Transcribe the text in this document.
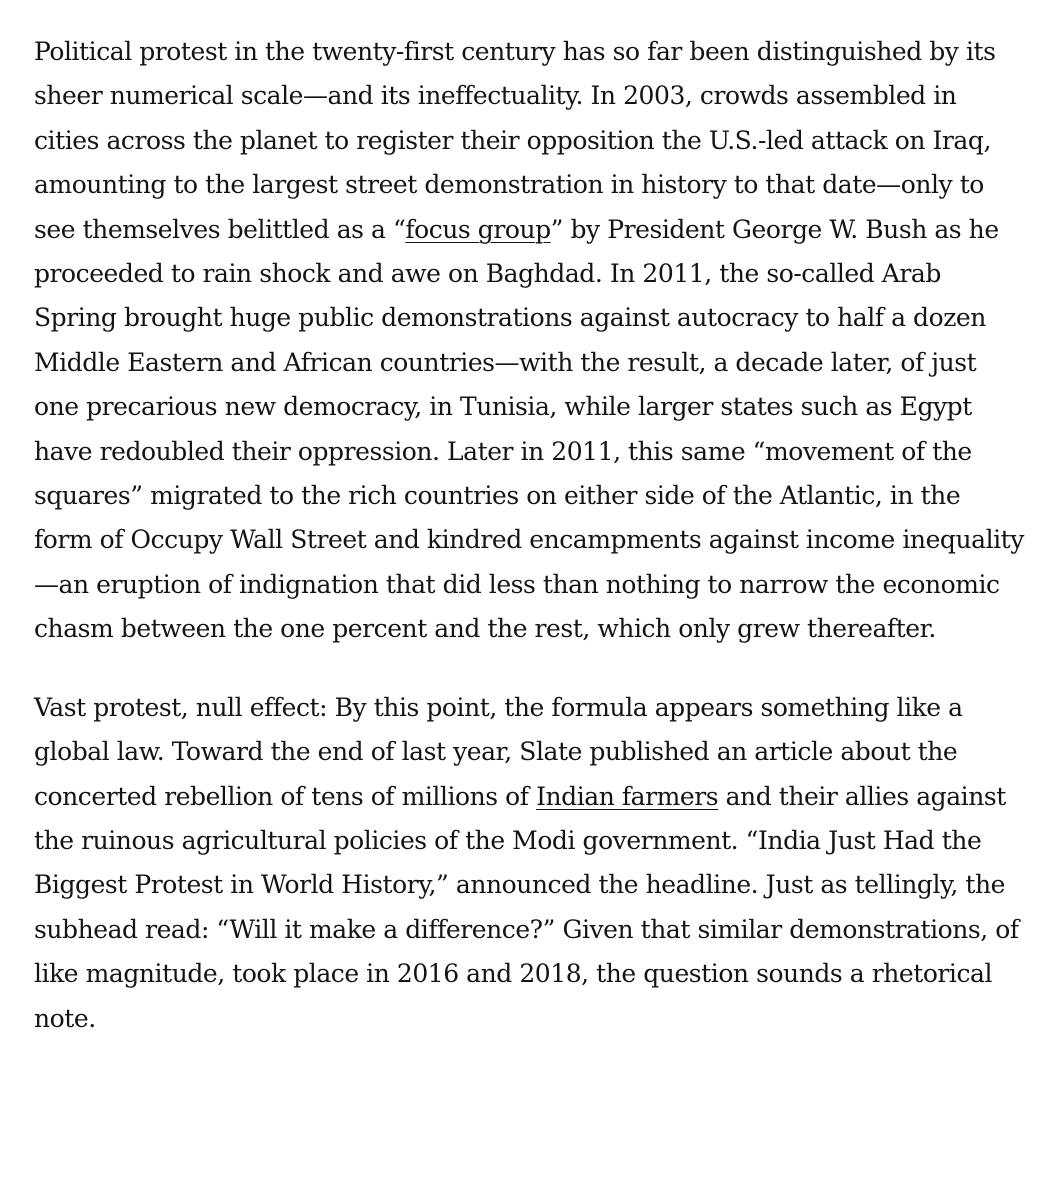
Political protest in the twenty-first century has so far been distinguished by its sheer numerical scale—and its ineffectuality. In 2003, crowds assembled in cities across the planet to register their opposition the U.S.-led attack on Iraq, amounting to the largest street demonstration in history to that date—only to see themselves belittled as a “focus group” by President George W. Bush as he proceeded to rain shock and awe on Baghdad. In 2011, the so-called Arab Spring brought huge public demonstrations against autocracy to half a dozen Middle Eastern and African countries—with the result, a decade later, of just one precarious new democracy, in Tunisia, while larger states such as Egypt have redoubled their oppression. Later in 2011, this same “movement of the squares” migrated to the rich countries on either side of the Atlantic, in the form of Occupy Wall Street and kindred encampments against income inequality—an eruption of indignation that did less than nothing to narrow the economic chasm between the one percent and the rest, which only grew thereafter.

Vast protest, null effect: By this point, the formula appears something like a global law. Toward the end of last year, Slate published an article about the concerted rebellion of tens of millions of Indian farmers and their allies against the ruinous agricultural policies of the Modi government. “India Just Had the Biggest Protest in World History,” announced the headline. Just as tellingly, the subhead read: “Will it make a difference?” Given that similar demonstrations, of like magnitude, took place in 2016 and 2018, the question sounds a rhetorical note.
